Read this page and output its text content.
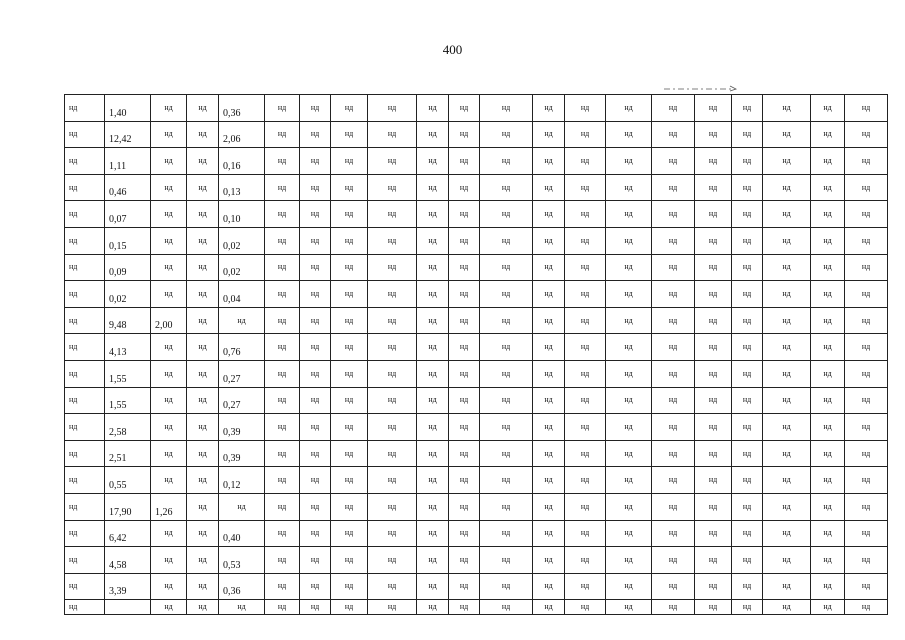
400
нд	1,40	нд	нд	0,36	нд	нд	нд	нд	нд	нд	нд	нд	нд	нд	нд	нд	нд	нд	нд	нд
нд	12,42	нд	нд	2,06	нд	нд	нд	нд	нд	нд	нд	нд	нд	нд	нд	нд	нд	нд	нд	нд
нд	1,11	нд	нд	0,16	нд	нд	нд	нд	нд	нд	нд	нд	нд	нд	нд	нд	нд	нд	нд	нд
нд	0,46	нд	нд	0,13	нд	нд	нд	нд	нд	нд	нд	нд	нд	нд	нд	нд	нд	нд	нд	нд
нд	0,07	нд	нд	0,10	нд	нд	нд	нд	нд	нд	нд	нд	нд	нд	нд	нд	нд	нд	нд	нд
нд	0,15	нд	нд	0,02	нд	нд	нд	нд	нд	нд	нд	нд	нд	нд	нд	нд	нд	нд	нд	нд
нд	0,09	нд	нд	0,02	нд	нд	нд	нд	нд	нд	нд	нд	нд	нд	нд	нд	нд	нд	нд	нд
нд	0,02	нд	нд	0,04	нд	нд	нд	нд	нд	нд	нд	нд	нд	нд	нд	нд	нд	нд	нд	нд
нд	9,48	2,00	нд	нд	нд	нд	нд	нд	нд	нд	нд	нд	нд	нд	нд	нд	нд	нд	нд	нд
нд	4,13	нд	нд	0,76	нд	нд	нд	нд	нд	нд	нд	нд	нд	нд	нд	нд	нд	нд	нд	нд
нд	1,55	нд	нд	0,27	нд	нд	нд	нд	нд	нд	нд	нд	нд	нд	нд	нд	нд	нд	нд	нд
нд	1,55	нд	нд	0,27	нд	нд	нд	нд	нд	нд	нд	нд	нд	нд	нд	нд	нд	нд	нд	нд
нд	2,58	нд	нд	0,39	нд	нд	нд	нд	нд	нд	нд	нд	нд	нд	нд	нд	нд	нд	нд	нд
нд	2,51	нд	нд	0,39	нд	нд	нд	нд	нд	нд	нд	нд	нд	нд	нд	нд	нд	нд	нд	нд
нд	0,55	нд	нд	0,12	нд	нд	нд	нд	нд	нд	нд	нд	нд	нд	нд	нд	нд	нд	нд	нд
нд	17,90	1,26	нд	нд	нд	нд	нд	нд	нд	нд	нд	нд	нд	нд	нд	нд	нд	нд	нд	нд
нд	6,42	нд	нд	0,40	нд	нд	нд	нд	нд	нд	нд	нд	нд	нд	нд	нд	нд	нд	нд	нд
нд	4,58	нд	нд	0,53	нд	нд	нд	нд	нд	нд	нд	нд	нд	нд	нд	нд	нд	нд	нд	нд
нд	3,39	нд	нд	0,36	нд	нд	нд	нд	нд	нд	нд	нд	нд	нд	нд	нд	нд	нд	нд	нд
нд		нд	нд	нд	нд	нд	нд	нд	нд	нд	нд	нд	нд	нд	нд	нд	нд	нд	нд	нд
